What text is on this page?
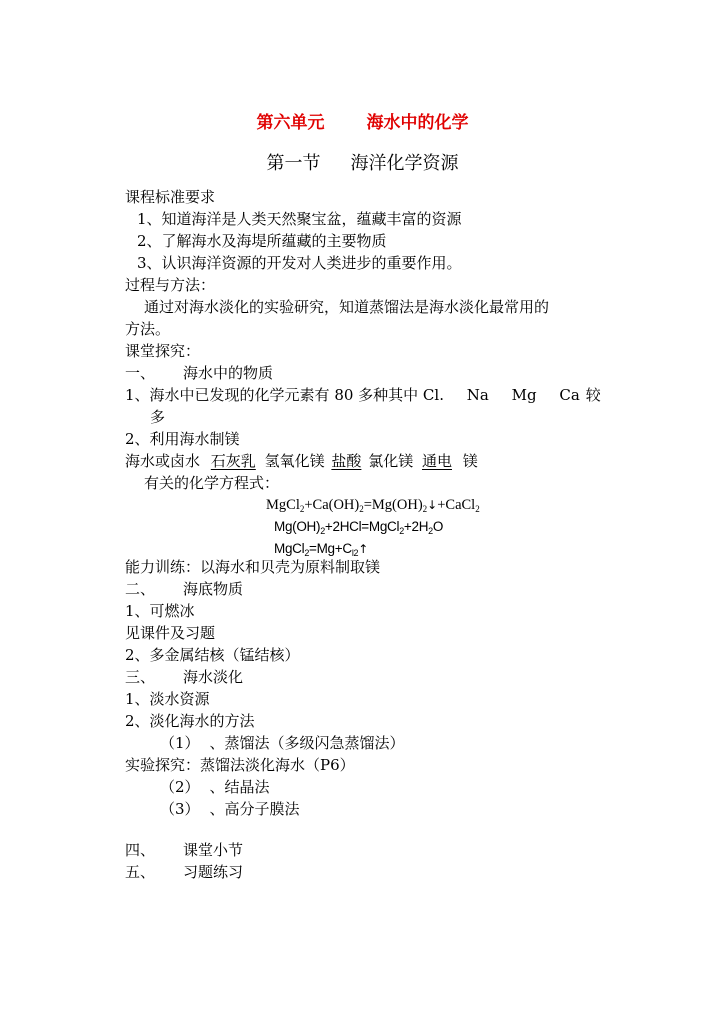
第六单元 海水中的化学
第一节 海洋化学资源
课程标准要求
1、知道海洋是人类天然聚宝盆，蕴藏丰富的资源
2、了解海水及海堤所蕴藏的主要物质
3、认识海洋资源的开发对人类进步的重要作用。
过程与方法：
通过对海水淡化的实验研究，知道蒸馏法是海水淡化最常用的
方法。
课堂探究：
一、 海水中的物质
1、海水中已发现的化学元素有 80 多种其中 Cl. Na Mg Ca 较
多
2、利用海水制镁
海水或卤水 石灰乳 氢氧化镁 盐酸 氯化镁 通电 镁
有关的化学方程式：
$MgCl_2+Ca(OH)_2=Mg(OH)_2↓+CaCl_2$
$Mg(OH)_2+2HCl=MgCl_2+2H_2O$
$MgCl_2=Mg+C_{l2}↑$
能力训练：以海水和贝壳为原料制取镁
二、 海底物质
1、可燃冰
见课件及习题
2、多金属结核（锰结核）
三、 海水淡化
1、淡水资源
2、淡化海水的方法
（1） 、蒸馏法（多级闪急蒸馏法）
实验探究：蒸馏法淡化海水（P6）
（2） 、结晶法
（3） 、高分子膜法
四、 课堂小节
五、 习题练习
